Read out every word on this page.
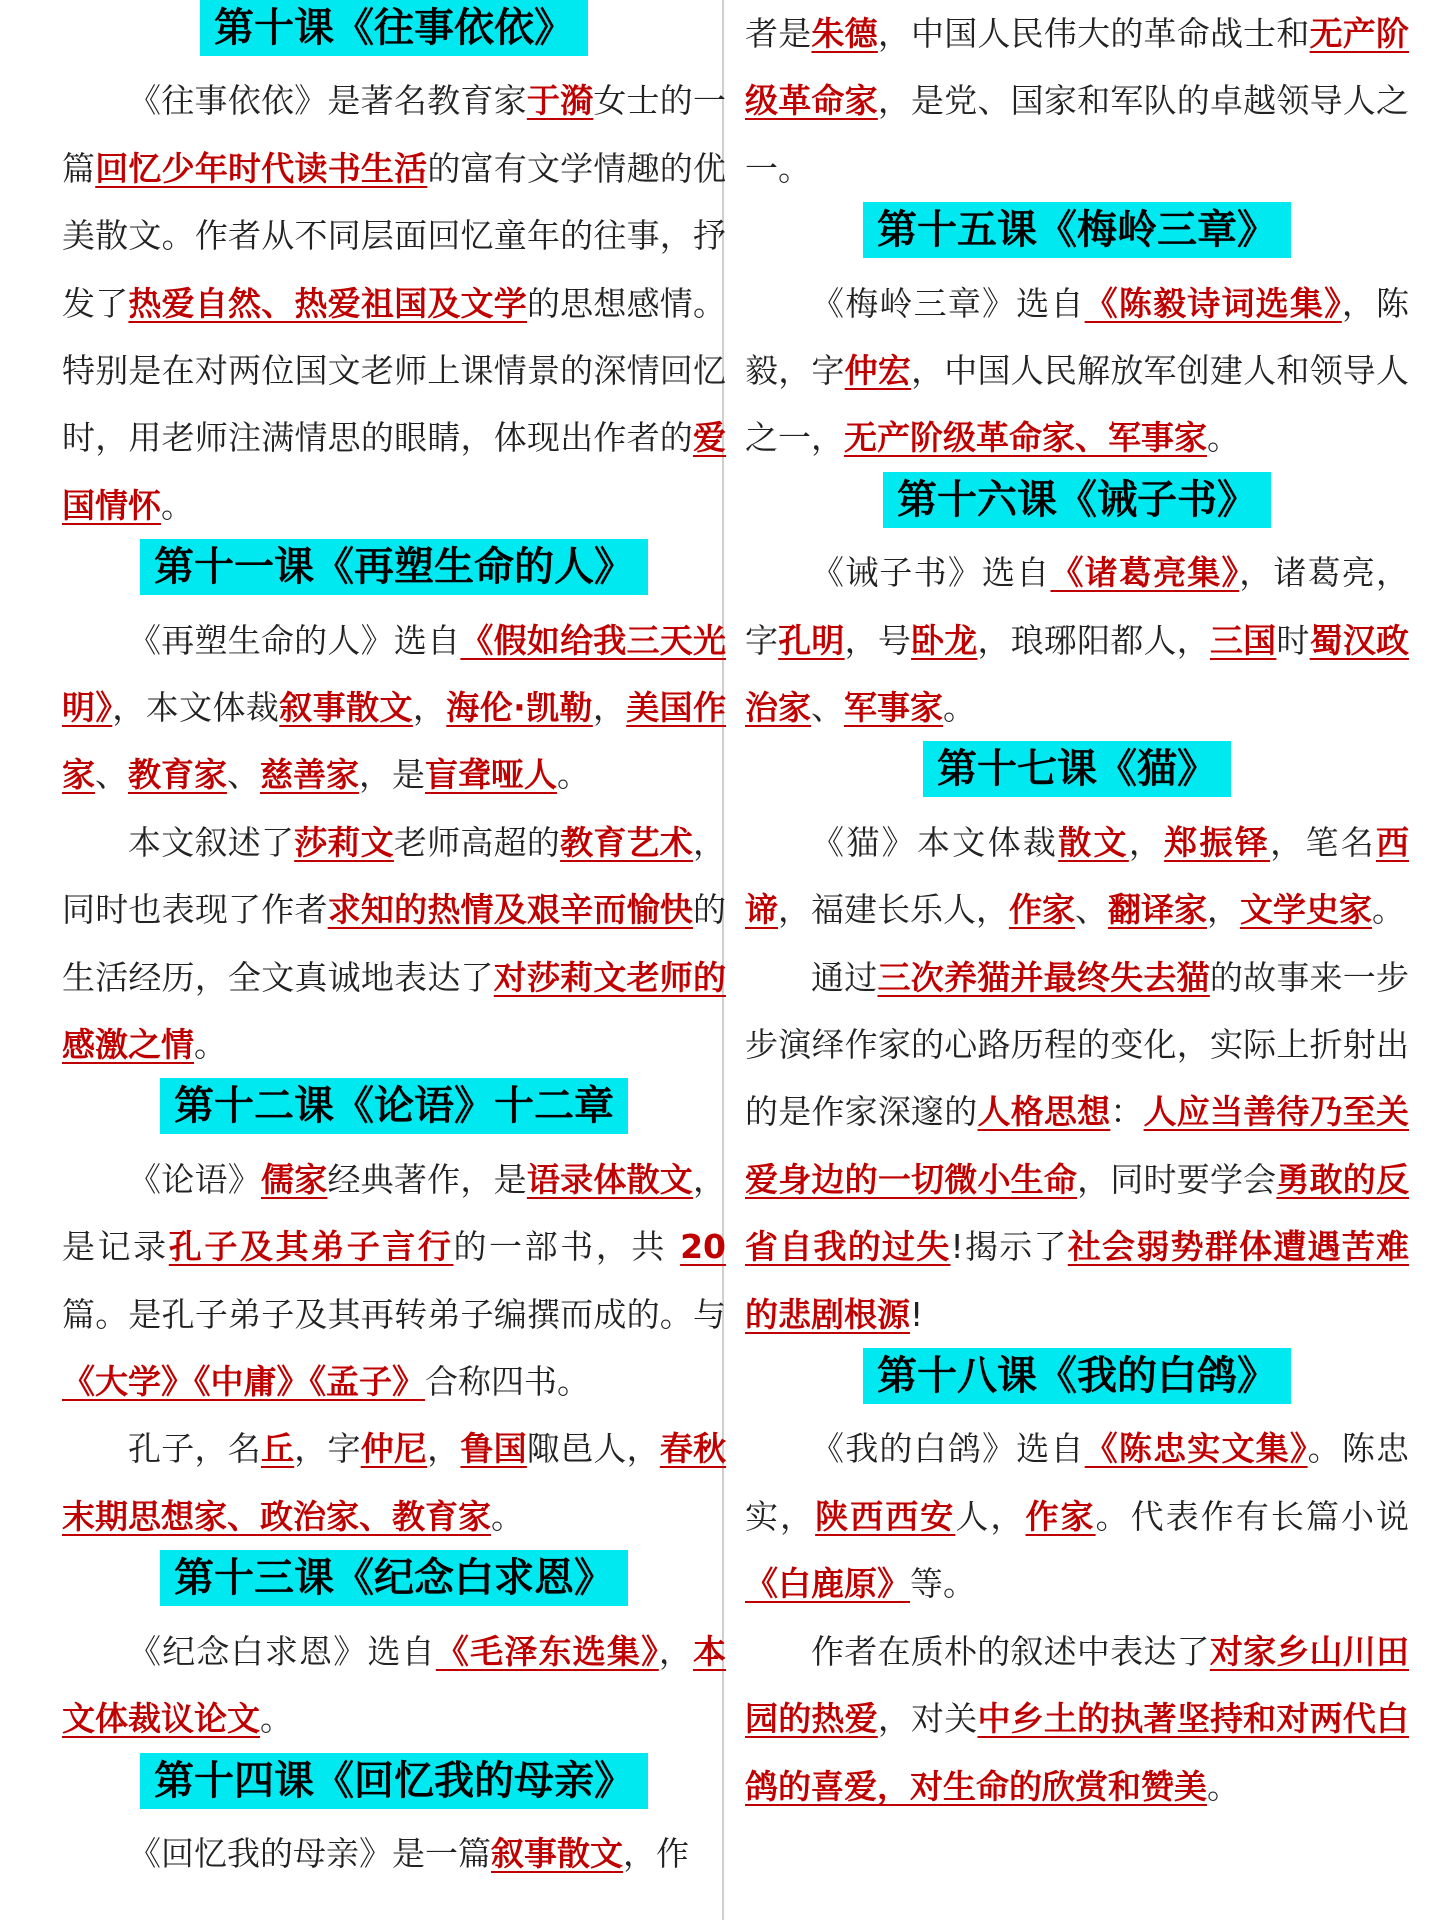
第十课《往事依依》

《往事依依》是著名教育家于漪女士的一篇回忆少年时代读书生活的富有文学情趣的优美散文。作者从不同层面回忆童年的往事，抒发了热爱自然、热爱祖国及文学的思想感情。特别是在对两位国文老师上课情景的深情回忆时，用老师注满情思的眼睛，体现出作者的爱国情怀。

第十一课《再塑生命的人》

《再塑生命的人》选自《假如给我三天光明》，本文体裁叙事散文，海伦·凯勒，美国作家、教育家、慈善家，是盲聋哑人。

本文叙述了莎莉文老师高超的教育艺术，同时也表现了作者求知的热情及艰辛而愉快的生活经历，全文真诚地表达了对莎莉文老师的感激之情。

第十二课《论语》十二章

《论语》儒家经典著作，是语录体散文，是记录孔子及其弟子言行的一部书，共 20篇。是孔子弟子及其再转弟子编撰而成的。与《大学》《中庸》《孟子》合称四书。

孔子，名丘，字仲尼，鲁国陬邑人，春秋末期思想家、政治家、教育家。

第十三课《纪念白求恩》

《纪念白求恩》选自《毛泽东选集》，本文体裁议论文。

第十四课《回忆我的母亲》

《回忆我的母亲》是一篇叙事散文，作

者是朱德，中国人民伟大的革命战士和无产阶级革命家，是党、国家和军队的卓越领导人之一。

第十五课《梅岭三章》

《梅岭三章》选自《陈毅诗词选集》，陈毅，字仲宏，中国人民解放军创建人和领导人之一，无产阶级革命家、军事家。

第十六课《诫子书》

《诫子书》选自《诸葛亮集》，诸葛亮，字孔明，号卧龙，琅琊阳都人，三国时蜀汉政治家、军事家。

第十七课《猫》

《猫》本文体裁散文，郑振铎，笔名西谛，福建长乐人，作家、翻译家，文学史家。

通过三次养猫并最终失去猫的故事来一步步演绎作家的心路历程的变化，实际上折射出的是作家深邃的人格思想：人应当善待乃至关爱身边的一切微小生命，同时要学会勇敢的反省自我的过失!揭示了社会弱势群体遭遇苦难的悲剧根源!

第十八课《我的白鸽》

《我的白鸽》选自《陈忠实文集》。陈忠实，陕西西安人，作家。代表作有长篇小说《白鹿原》等。

作者在质朴的叙述中表达了对家乡山川田园的热爱，对关中乡土的执著坚持和对两代白鸽的喜爱，对生命的欣赏和赞美。
